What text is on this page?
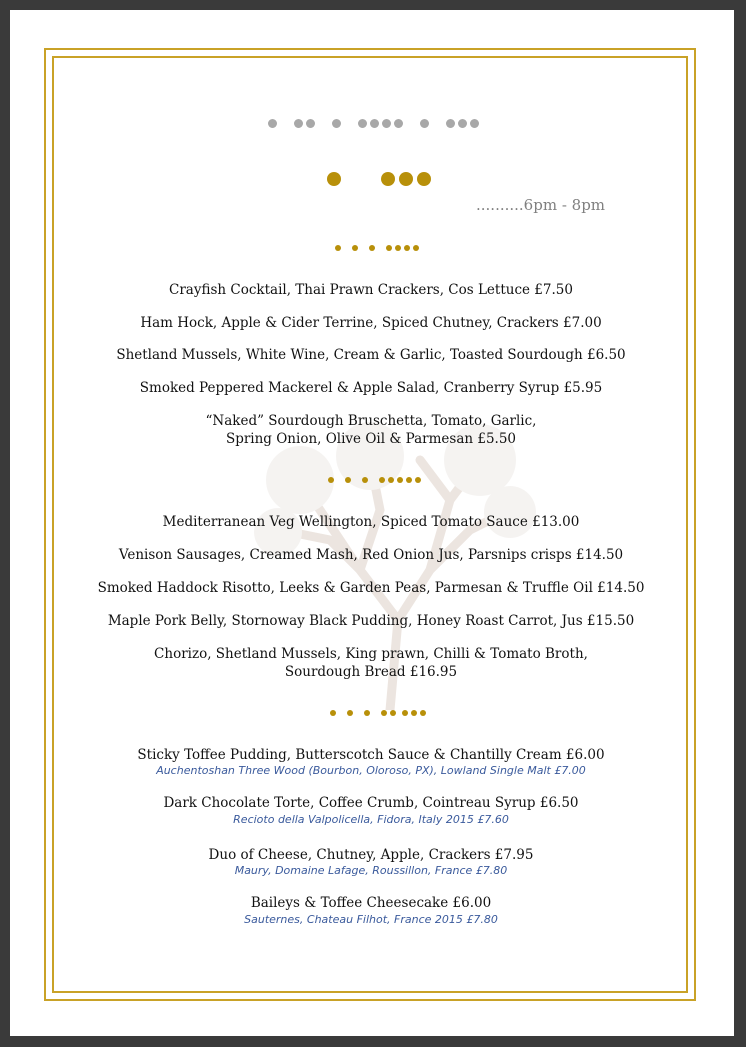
..........6pm - 8pm
Crayfish Cocktail, Thai Prawn Crackers, Cos Lettuce £7.50
Ham Hock, Apple & Cider Terrine, Spiced Chutney, Crackers £7.00
Shetland Mussels, White Wine, Cream & Garlic, Toasted Sourdough £6.50
Smoked Peppered Mackerel & Apple Salad, Cranberry Syrup £5.95
“Naked” Sourdough Bruschetta, Tomato, Garlic,
Spring Onion, Olive Oil & Parmesan £5.50
Mediterranean Veg Wellington, Spiced Tomato Sauce £13.00
Venison Sausages, Creamed Mash, Red Onion Jus, Parsnips crisps £14.50
Smoked Haddock Risotto, Leeks & Garden Peas, Parmesan & Truffle Oil £14.50
Maple Pork Belly, Stornoway Black Pudding, Honey Roast Carrot, Jus £15.50
Chorizo, Shetland Mussels, King prawn, Chilli & Tomato Broth,
Sourdough Bread £16.95
Sticky Toffee Pudding, Butterscotch Sauce & Chantilly Cream £6.00
Auchentoshan Three Wood (Bourbon, Oloroso, PX), Lowland Single Malt £7.00
Dark Chocolate Torte, Coffee Crumb, Cointreau Syrup £6.50
Recioto della Valpolicella, Fidora, Italy 2015 £7.60
Duo of Cheese, Chutney, Apple, Crackers £7.95
Maury, Domaine Lafage, Roussillon, France £7.80
Baileys & Toffee Cheesecake £6.00
Sauternes, Chateau Filhot, France 2015 £7.80
